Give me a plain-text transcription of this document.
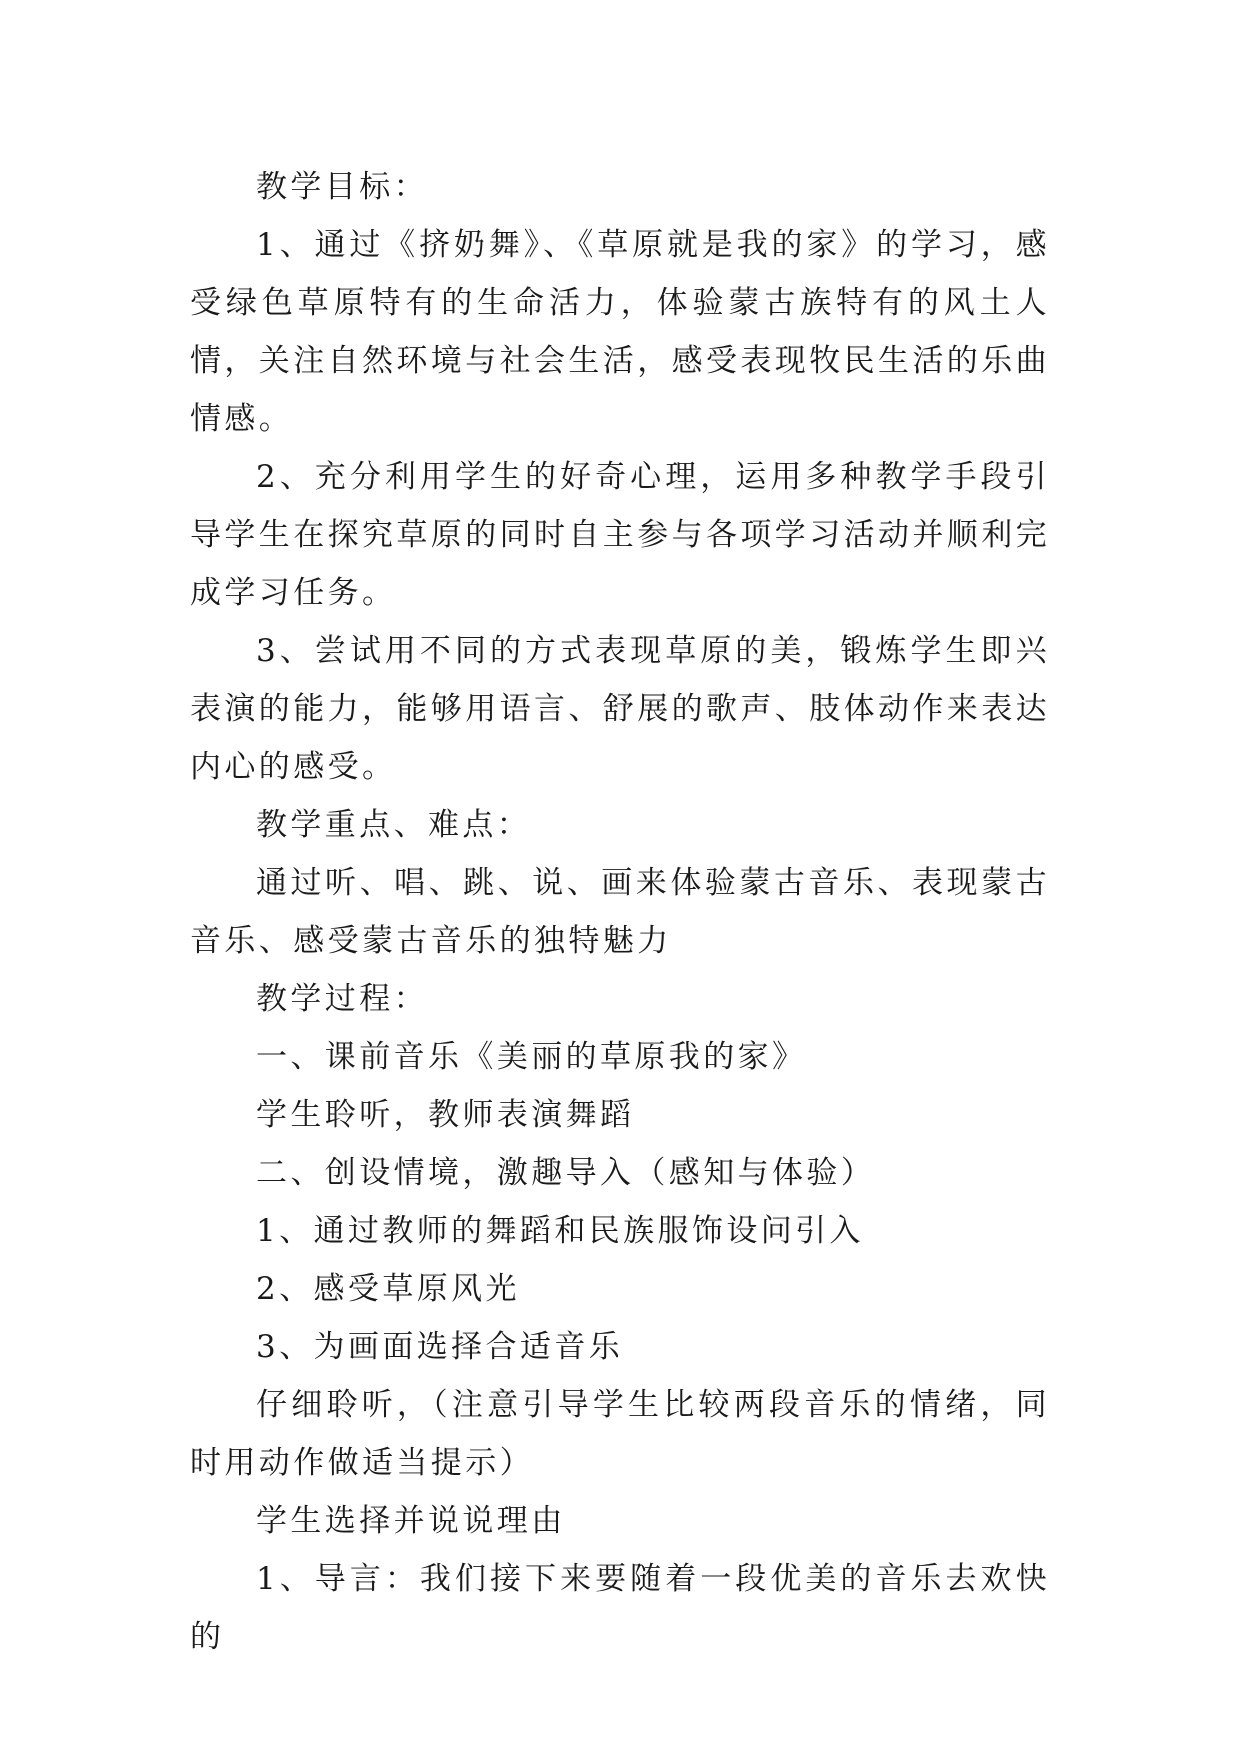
教学目标：

1、通过《挤奶舞》、《草原就是我的家》的学习，感受绿色草原特有的生命活力，体验蒙古族特有的风土人情，关注自然环境与社会生活，感受表现牧民生活的乐曲情感。

2、充分利用学生的好奇心理，运用多种教学手段引导学生在探究草原的同时自主参与各项学习活动并顺利完成学习任务。

3、尝试用不同的方式表现草原的美，锻炼学生即兴表演的能力，能够用语言、舒展的歌声、肢体动作来表达内心的感受。

教学重点、难点：

通过听、唱、跳、说、画来体验蒙古音乐、表现蒙古音乐、感受蒙古音乐的独特魅力

教学过程：

一、课前音乐《美丽的草原我的家》

学生聆听，教师表演舞蹈

二、创设情境，激趣导入（感知与体验）

1、通过教师的舞蹈和民族服饰设问引入

2、感受草原风光

3、为画面选择合适音乐

仔细聆听，（注意引导学生比较两段音乐的情绪，同时用动作做适当提示）

学生选择并说说理由

1、导言：我们接下来要随着一段优美的音乐去欢快的
